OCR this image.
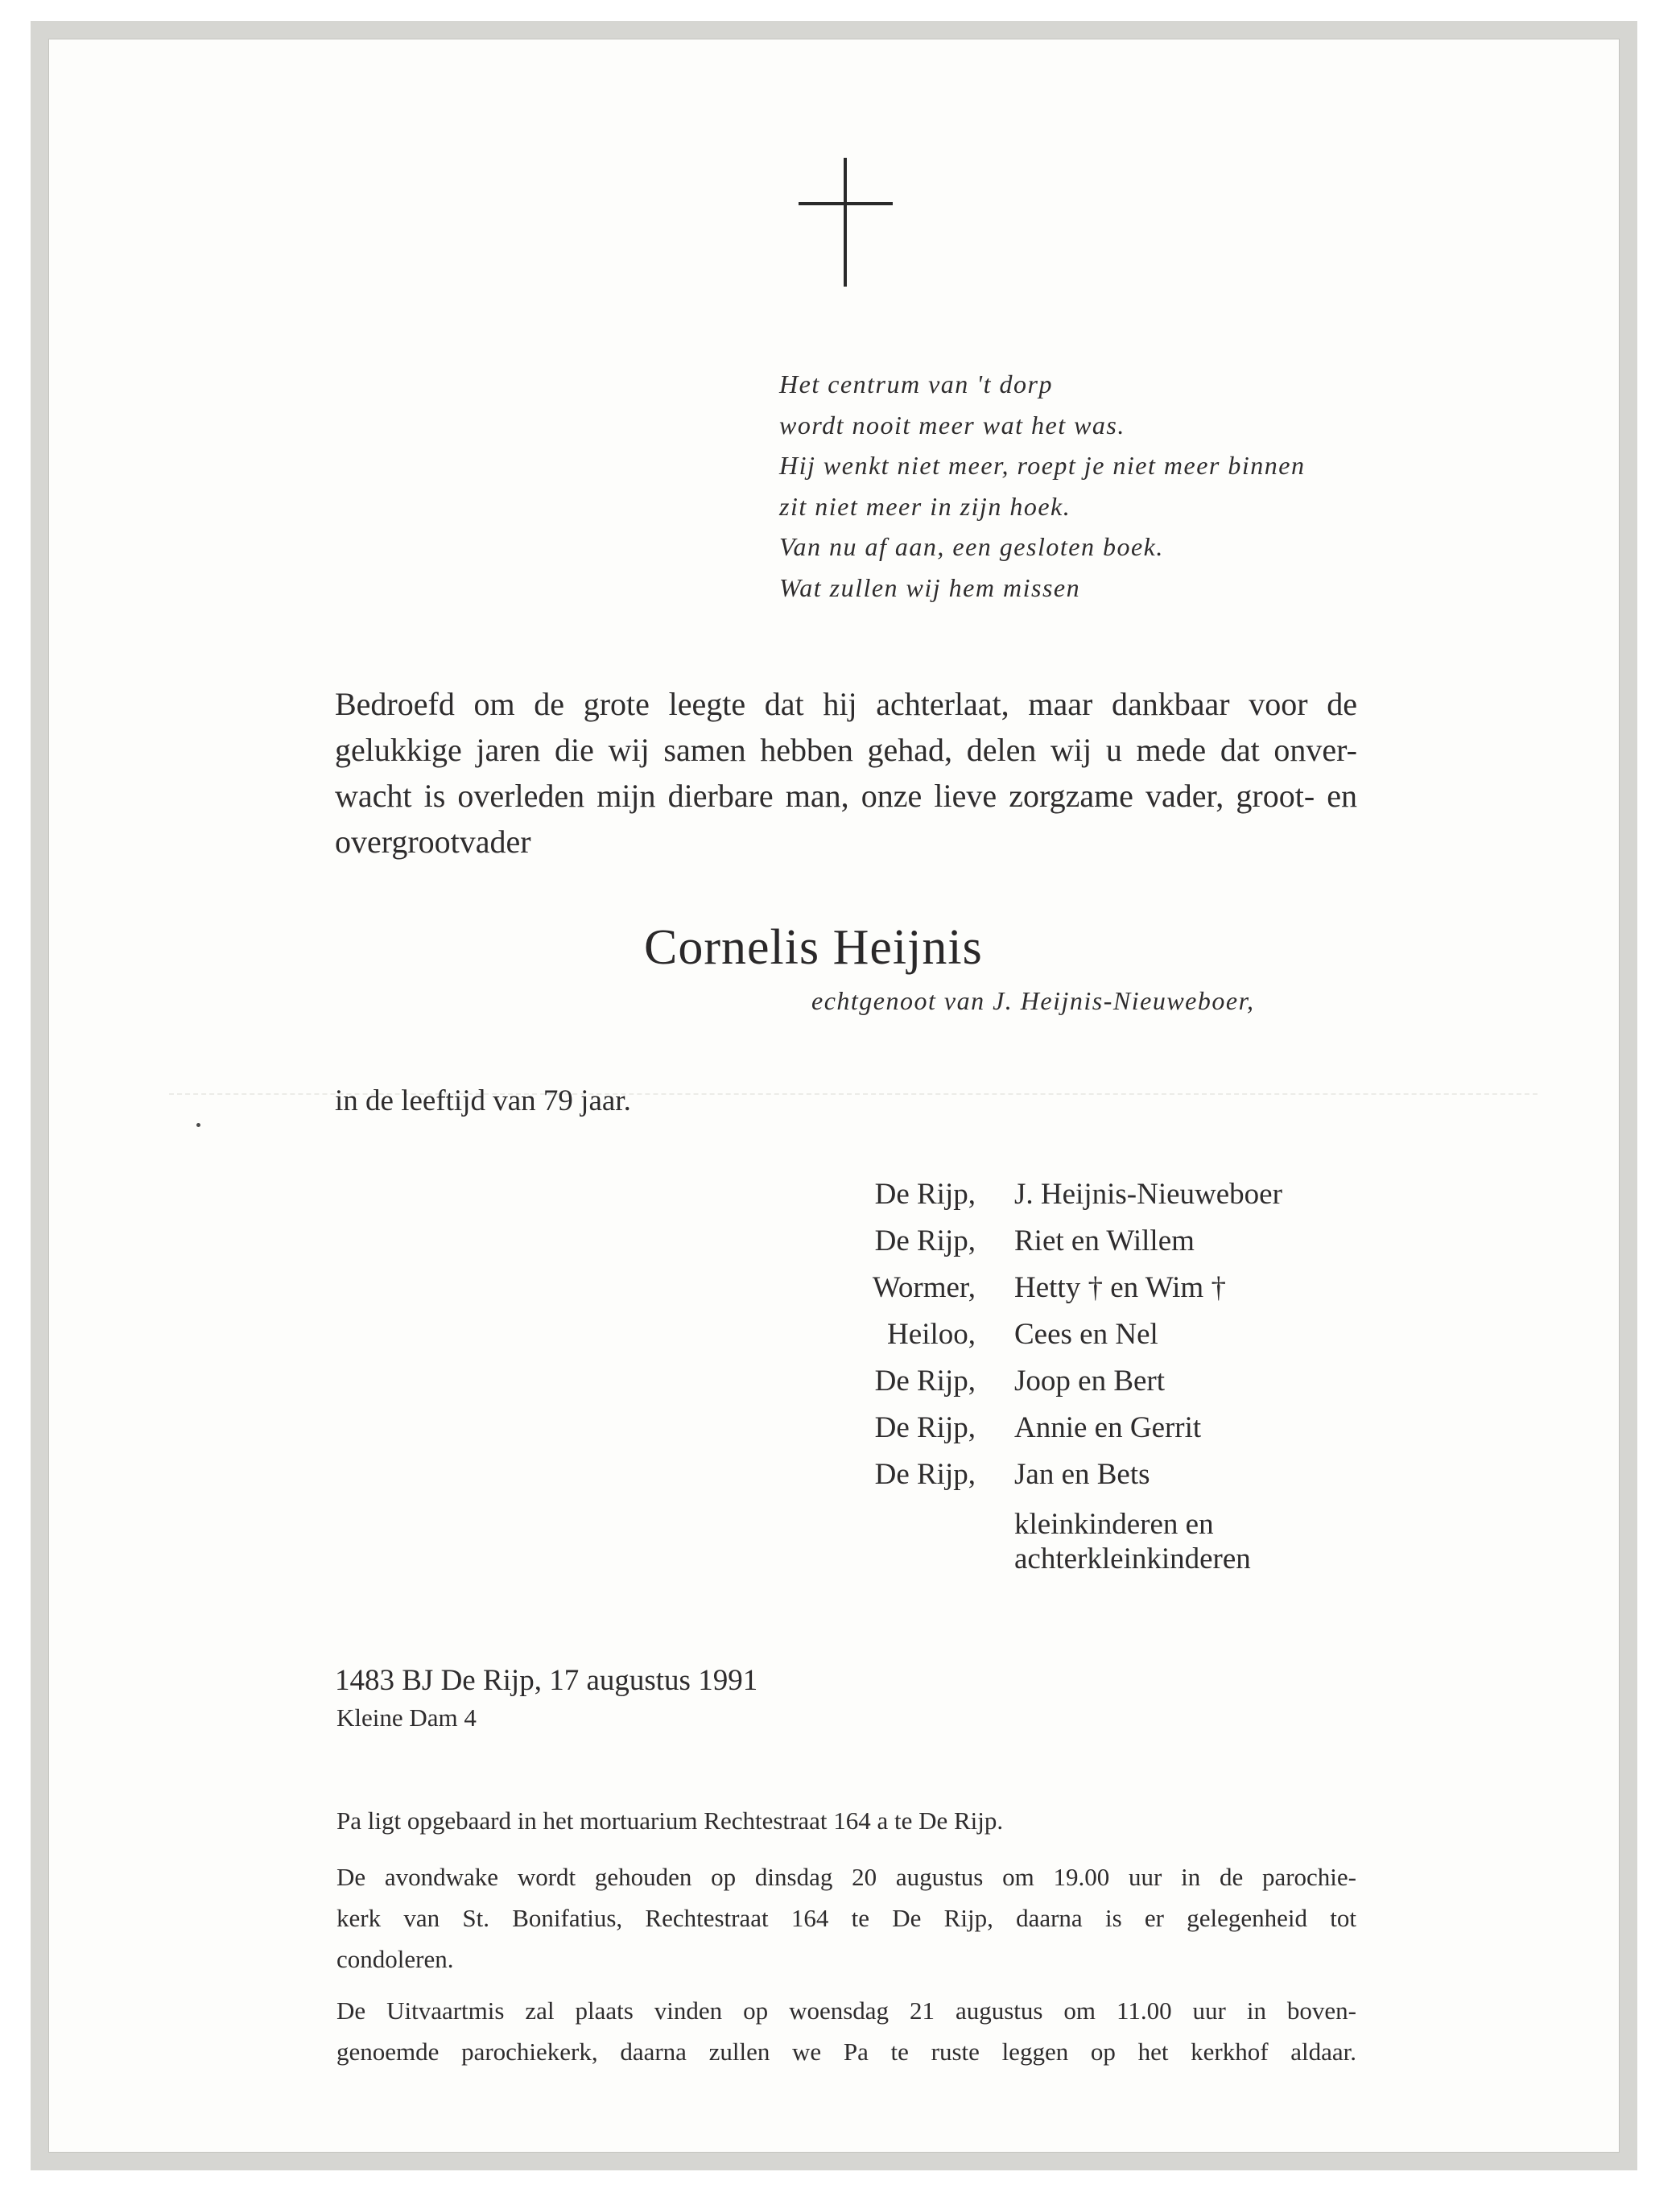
Het centrum van 't dorp
wordt nooit meer wat het was.
Hij wenkt niet meer, roept je niet meer binnen
zit niet meer in zijn hoek.
Van nu af aan, een gesloten boek.
Wat zullen wij hem missen
Bedroefd om de grote leegte dat hij achterlaat, maar dankbaar voor de
gelukkige jaren die wij samen hebben gehad, delen wij u mede dat onver-
wacht is overleden mijn dierbare man, onze lieve zorgzame vader, groot- en
overgrootvader
Cornelis Heijnis
echtgenoot van J. Heijnis-Nieuweboer,
in de leeftijd van 79 jaar.
De Rijp, J. Heijnis-Nieuweboer
De Rijp, Riet en Willem
Wormer, Hetty † en Wim †
Heiloo, Cees en Nel
De Rijp, Joop en Bert
De Rijp, Annie en Gerrit
De Rijp, Jan en Bets
kleinkinderen en
achterkleinkinderen
1483 BJ De Rijp, 17 augustus 1991
Kleine Dam 4
Pa ligt opgebaard in het mortuarium Rechtestraat 164 a te De Rijp.
De avondwake wordt gehouden op dinsdag 20 augustus om 19.00 uur in de parochie-
kerk van St. Bonifatius, Rechtestraat 164 te De Rijp, daarna is er gelegenheid tot
condoleren.
De Uitvaartmis zal plaats vinden op woensdag 21 augustus om 11.00 uur in boven-
genoemde parochiekerk, daarna zullen we Pa te ruste leggen op het kerkhof aldaar.
